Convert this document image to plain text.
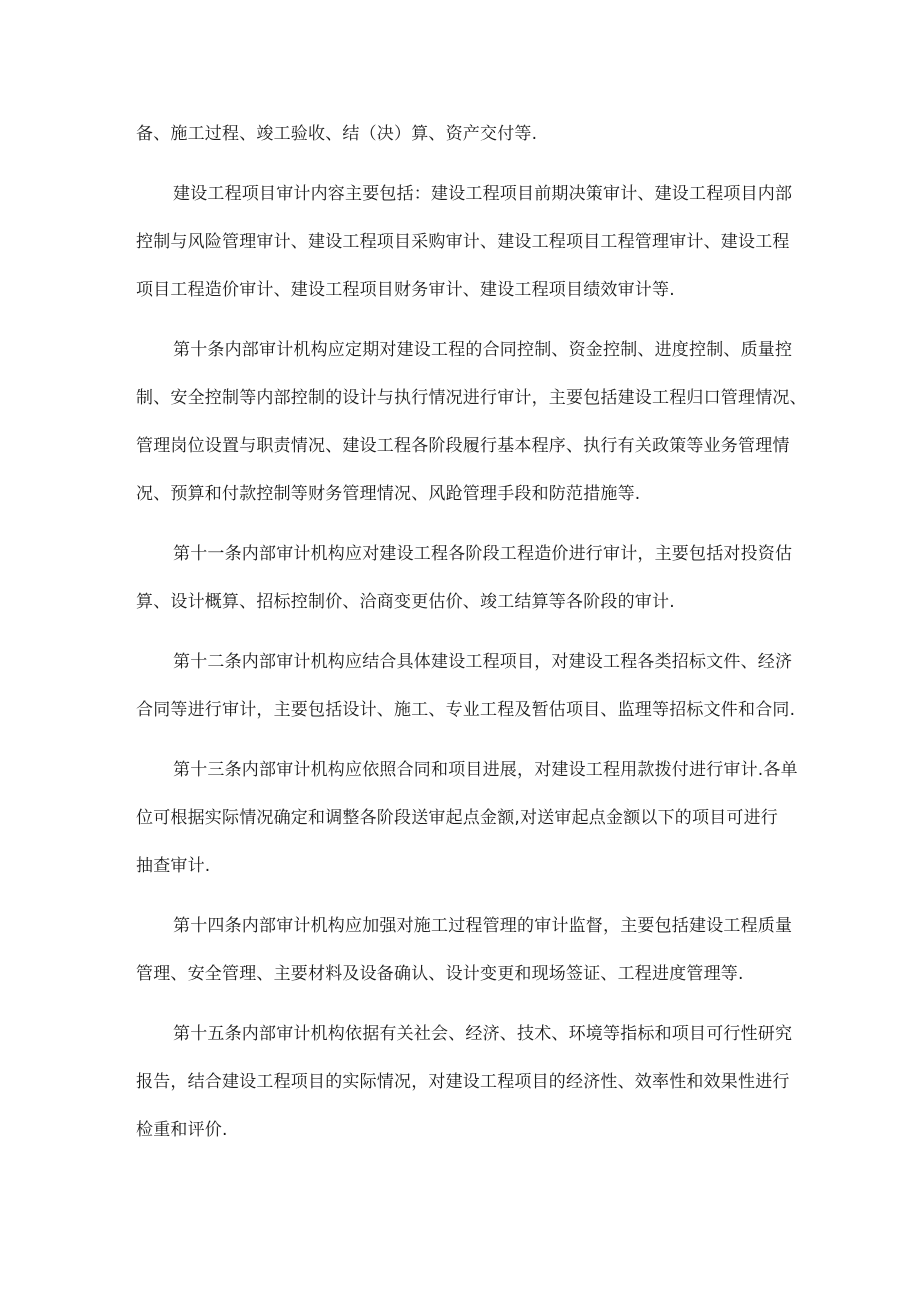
备、施工过程、竣工验收、结（决）算、资产交付等.
建设工程项目审计内容主要包括：建设工程项目前期决策审计、建设工程项目内部
控制与风险管理审计、建设工程项目采购审计、建设工程项目工程管理审计、建设工程
项目工程造价审计、建设工程项目财务审计、建设工程项目绩效审计等.
第十条内部审计机构应定期对建设工程的合同控制、资金控制、进度控制、质量控
制、安全控制等内部控制的设计与执行情况进行审计，主要包括建设工程归口管理情况、
管理岗位设置与职责情况、建设工程各阶段履行基本程序、执行有关政策等业务管理情
况、预算和付款控制等财务管理情况、风跄管理手段和防范措施等.
第十一条内部审计机构应对建设工程各阶段工程造价进行审计，主要包括对投资估
算、设计概算、招标控制价、洽商变更估价、竣工结算等各阶段的审计.
第十二条内部审计机构应结合具体建设工程项目，对建设工程各类招标文件、经济
合同等进行审计，主要包括设计、施工、专业工程及暂估项目、监理等招标文件和合同.
第十三条内部审计机构应依照合同和项目进展，对建设工程用款拨付进行审计.各单
位可根据实际情况确定和调整各阶段送审起点金额,对送审起点金额以下的项目可进行
抽查审计.
第十四条内部审计机构应加强对施工过程管理的审计监督，主要包括建设工程质量
管理、安全管理、主要材料及设备确认、设计变更和现场签证、工程进度管理等.
第十五条内部审计机构依据有关社会、经济、技术、环境等指标和项目可行性研究
报告，结合建设工程项目的实际情况，对建设工程项目的经济性、效率性和效果性进行
检重和评价.
